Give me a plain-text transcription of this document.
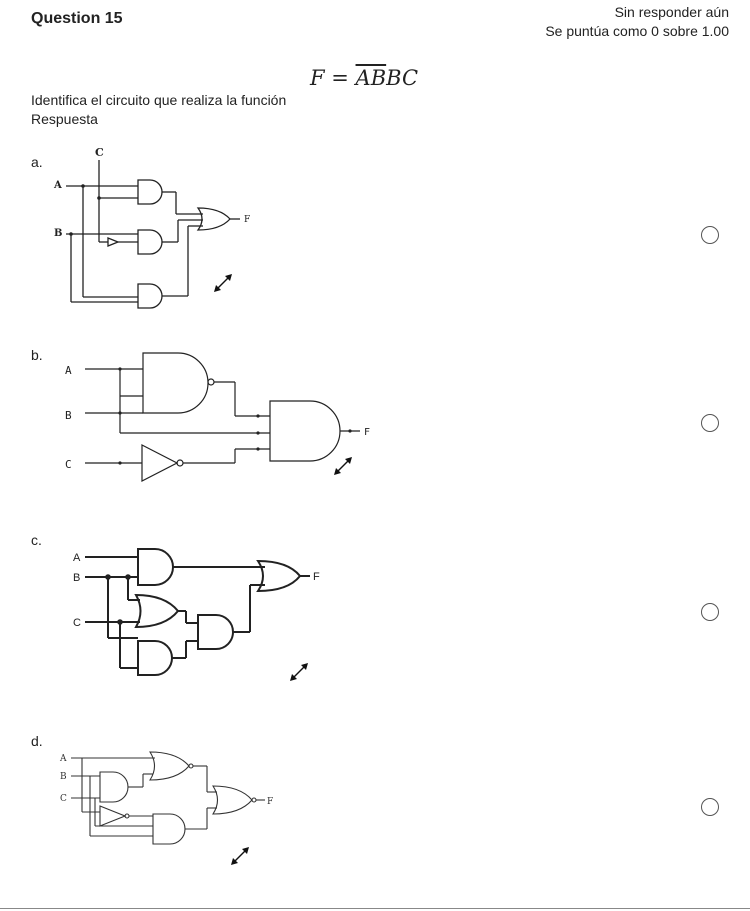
Question 15	Sin responder aún
Se puntúa como 0 sobre 1.00
$F = \overline{AB}BC$
Identifica el circuito que realiza la función
Respuesta
a.
C
A
B
F
b.
A
B
C
F
c.
A
B
C
F
d.
A
B
C	F
